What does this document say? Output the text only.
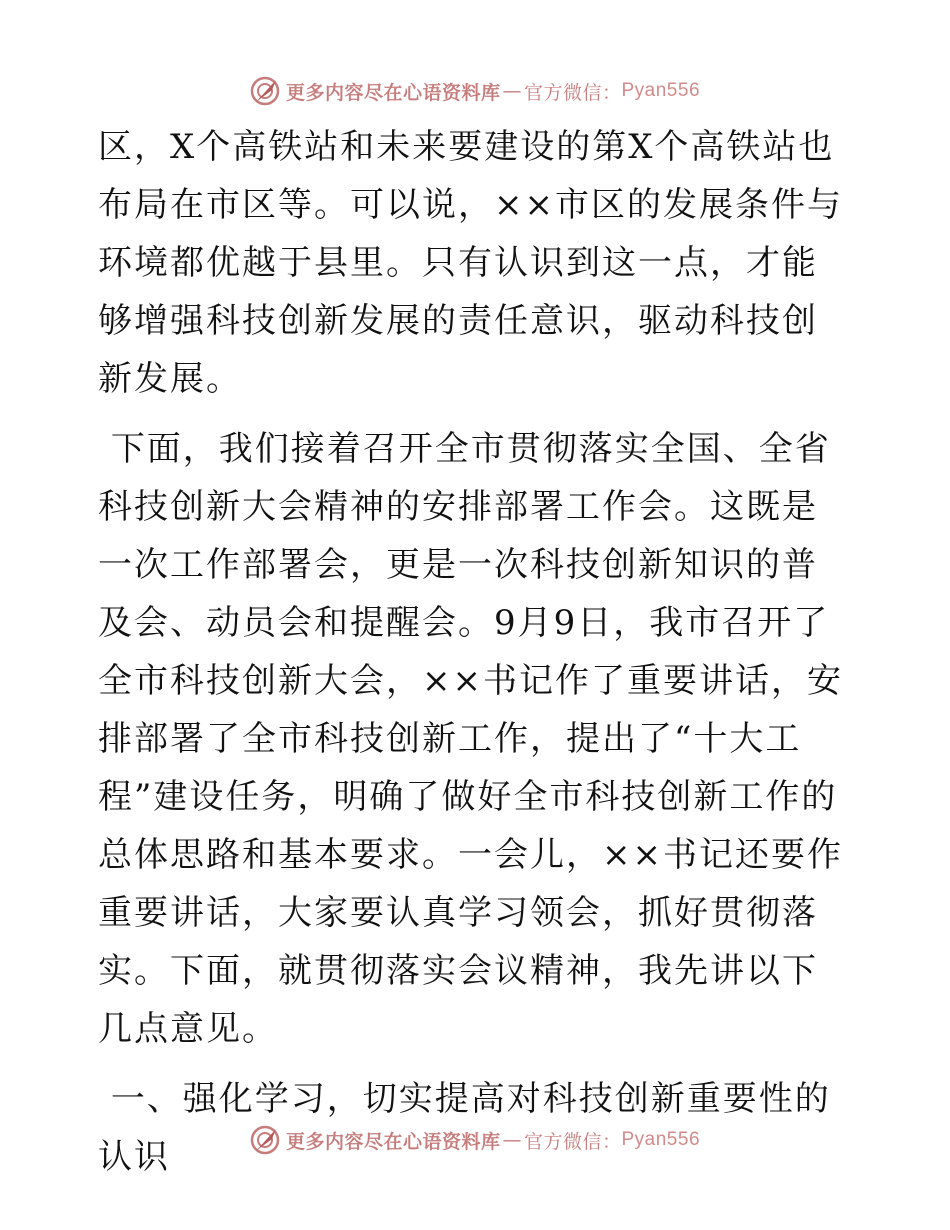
更多内容尽在心语资料库 — 官方微信： Pyan556

区，X个高铁站和未来要建设的第X个高铁站也布局在市区等。可以说，××市区的发展条件与环境都优越于县里。只有认识到这一点，才能够增强科技创新发展的责任意识，驱动科技创新发展。

下面，我们接着召开全市贯彻落实全国、全省科技创新大会精神的安排部署工作会。这既是一次工作部署会，更是一次科技创新知识的普及会、动员会和提醒会。9月9日，我市召开了全市科技创新大会，××书记作了重要讲话，安排部署了全市科技创新工作，提出了“十大工程”建设任务，明确了做好全市科技创新工作的总体思路和基本要求。一会儿，××书记还要作重要讲话，大家要认真学习领会，抓好贯彻落实。下面，就贯彻落实会议精神，我先讲以下几点意见。

一、强化学习，切实提高对科技创新重要性的认识	更多内容尽在心语资料库 — 官方微信： Pyan556
